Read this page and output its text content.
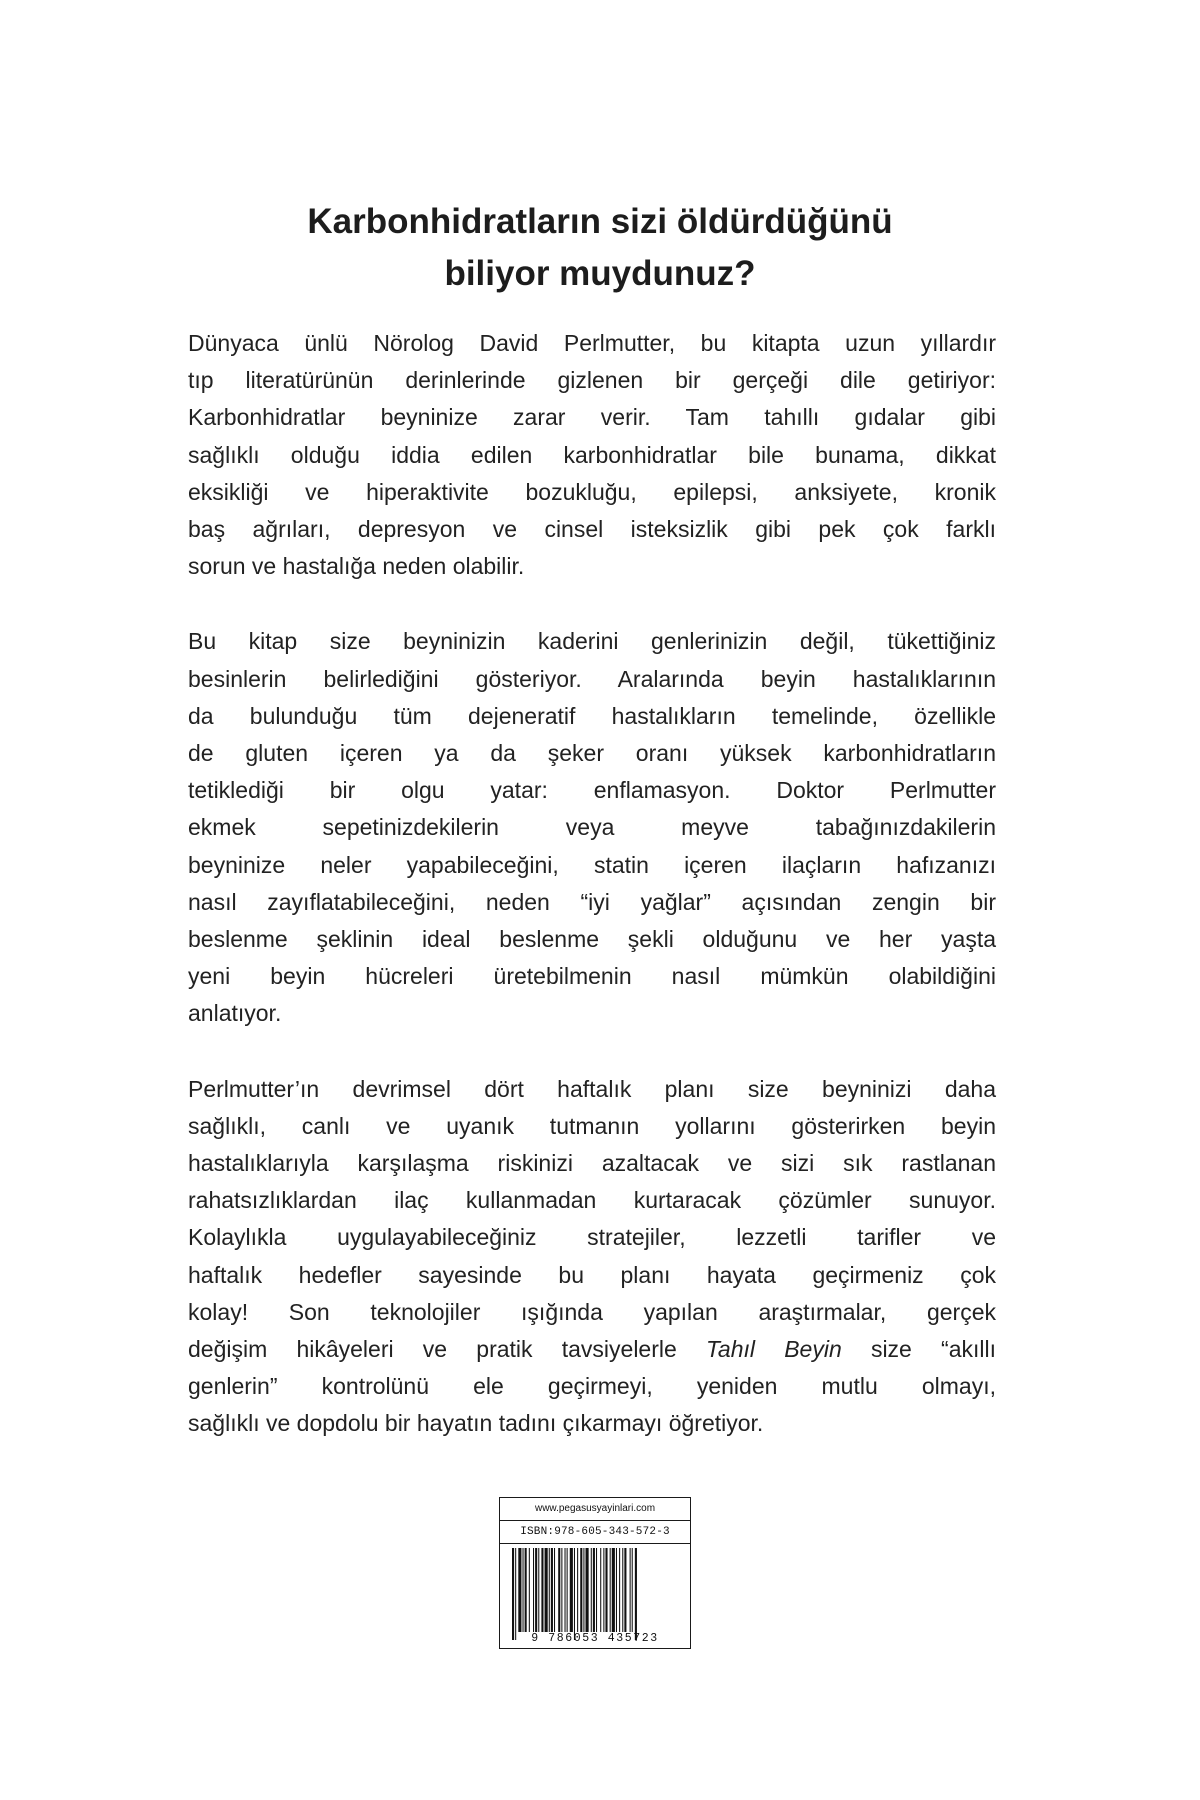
Karbonhidratların sizi öldürdüğünü
biliyor muydunuz?

Dünyaca ünlü Nörolog David Perlmutter, bu kitapta uzun yıllardır
tıp literatürünün derinlerinde gizlenen bir gerçeği dile getiriyor:
Karbonhidratlar beyninize zarar verir. Tam tahıllı gıdalar gibi
sağlıklı olduğu iddia edilen karbonhidratlar bile bunama, dikkat
eksikliği ve hiperaktivite bozukluğu, epilepsi, anksiyete, kronik
baş ağrıları, depresyon ve cinsel isteksizlik gibi pek çok farklı
sorun ve hastalığa neden olabilir.

Bu kitap size beyninizin kaderini genlerinizin değil, tükettiğiniz
besinlerin belirlediğini gösteriyor. Aralarında beyin hastalıklarının
da bulunduğu tüm dejeneratif hastalıkların temelinde, özellikle
de gluten içeren ya da şeker oranı yüksek karbonhidratların
tetiklediği bir olgu yatar: enflamasyon. Doktor Perlmutter
ekmek sepetinizdekilerin veya meyve tabağınızdakilerin
beyninize neler yapabileceğini, statin içeren ilaçların hafızanızı
nasıl zayıflatabileceğini, neden “iyi yağlar” açısından zengin bir
beslenme şeklinin ideal beslenme şekli olduğunu ve her yaşta
yeni beyin hücreleri üretebilmenin nasıl mümkün olabildiğini
anlatıyor.

Perlmutter’ın devrimsel dört haftalık planı size beyninizi daha
sağlıklı, canlı ve uyanık tutmanın yollarını gösterirken beyin
hastalıklarıyla karşılaşma riskinizi azaltacak ve sizi sık rastlanan
rahatsızlıklardan ilaç kullanmadan kurtaracak çözümler sunuyor.
Kolaylıkla uygulayabileceğiniz stratejiler, lezzetli tarifler ve
haftalık hedefler sayesinde bu planı hayata geçirmeniz çok
kolay! Son teknolojiler ışığında yapılan araştırmalar, gerçek
değişim hikâyeleri ve pratik tavsiyelerle Tahıl Beyin size “akıllı
genlerin” kontrolünü ele geçirmeyi, yeniden mutlu olmayı,
sağlıklı ve dopdolu bir hayatın tadını çıkarmayı öğretiyor.

www.pegasusyayinlari.com
ISBN:978-605-343-572-3
9 786053 435723
